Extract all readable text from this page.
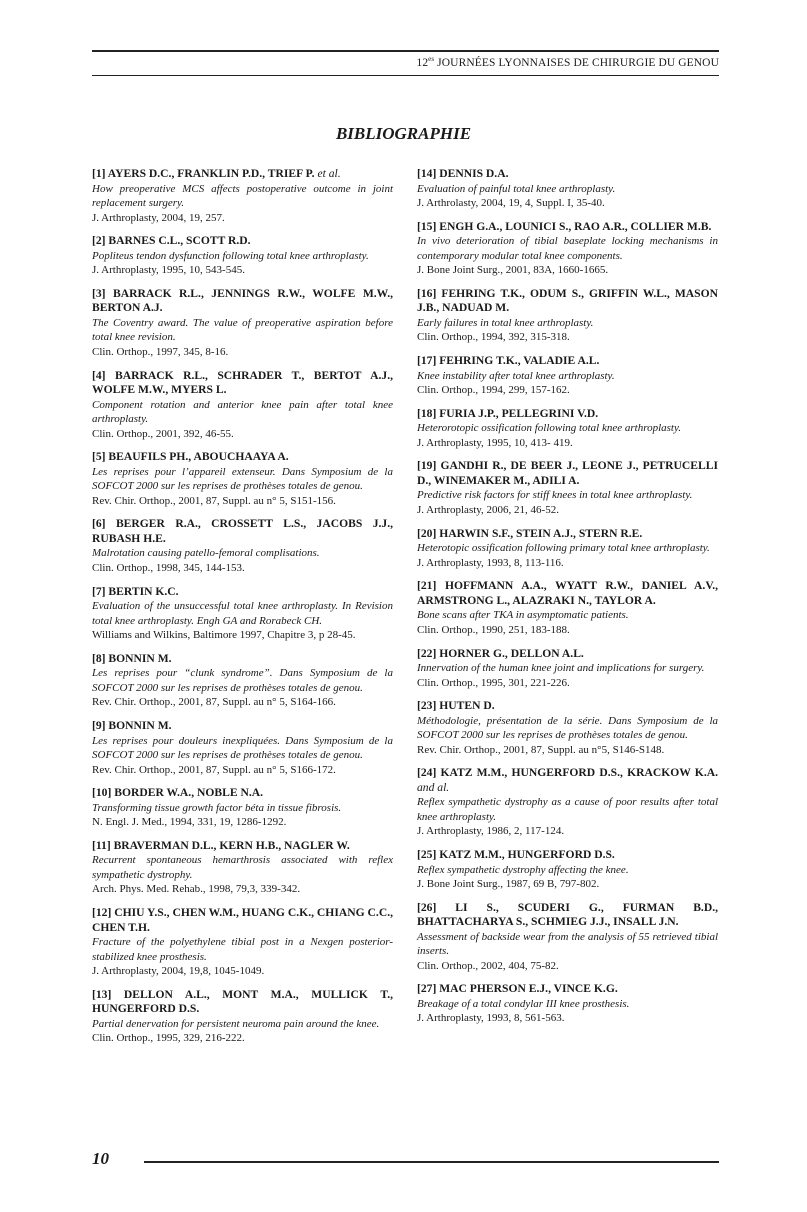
$12^{es}$ JOURNÉES LYONNAISES DE CHIRURGIE DU GENOU
BIBLIOGRAPHIE
[1] AYERS D.C., FRANKLIN P.D., TRIEF P. et al.
How preoperative MCS affects postoperative outcome in joint replacement surgery.
J. Arthroplasty, 2004, 19, 257.
[2] BARNES C.L., SCOTT R.D.
Popliteus tendon dysfunction following total knee arthroplasty.
J. Arthroplasty, 1995, 10, 543-545.
[3] BARRACK R.L., JENNINGS R.W., WOLFE M.W., BERTON A.J.
The Coventry award. The value of preoperative aspiration before total knee revision.
Clin. Orthop., 1997, 345, 8-16.
[4] BARRACK R.L., SCHRADER T., BERTOT A.J., WOLFE M.W., MYERS L.
Component rotation and anterior knee pain after total knee arthroplasty.
Clin. Orthop., 2001, 392, 46-55.
[5] BEAUFILS PH., ABOUCHAAYA A.
Les reprises pour l’appareil extenseur. Dans Symposium de la SOFCOT 2000 sur les reprises de prothèses totales de genou.
Rev. Chir. Orthop., 2001, 87, Suppl. au n° 5, S151-156.
[6] BERGER R.A., CROSSETT L.S., JACOBS J.J., RUBASH H.E.
Malrotation causing patello-femoral complisations.
Clin. Orthop., 1998, 345, 144-153.
[7] BERTIN K.C.
Evaluation of the unsuccessful total knee arthroplasty. In Revision total knee arthroplasty. Engh GA and Rorabeck CH.
Williams and Wilkins, Baltimore 1997, Chapitre 3, p 28-45.
[8] BONNIN M.
Les reprises pour “clunk syndrome”. Dans Symposium de la SOFCOT 2000 sur les reprises de prothèses totales de genou.
Rev. Chir. Orthop., 2001, 87, Suppl. au n° 5, S164-166.
[9] BONNIN M.
Les reprises pour douleurs inexpliquées. Dans Symposium de la SOFCOT 2000 sur les reprises de prothèses totales de genou.
Rev. Chir. Orthop., 2001, 87, Suppl. au n° 5, S166-172.
[10] BORDER W.A., NOBLE N.A.
Transforming tissue growth factor béta in tissue fibrosis.
N. Engl. J. Med., 1994, 331, 19, 1286-1292.
[11] BRAVERMAN D.L., KERN H.B., NAGLER W.
Recurrent spontaneous hemarthrosis associated with reflex sympathetic dystrophy.
Arch. Phys. Med. Rehab., 1998, 79,3, 339-342.
[12] CHIU Y.S., CHEN W.M., HUANG C.K., CHIANG C.C., CHEN T.H.
Fracture of the polyethylene tibial post in a Nexgen posterior-stabilized knee prosthesis.
J. Arthroplasty, 2004, 19,8, 1045-1049.
[13] DELLON A.L., MONT M.A., MULLICK T., HUNGERFORD D.S.
Partial denervation for persistent neuroma pain around the knee.
Clin. Orthop., 1995, 329, 216-222.
[14] DENNIS D.A.
Evaluation of painful total knee arthroplasty.
J. Arthrolasty, 2004, 19, 4, Suppl. I, 35-40.
[15] ENGH G.A., LOUNICI S., RAO A.R., COLLIER M.B.
In vivo deterioration of tibial baseplate locking mechanisms in contemporary modular total knee components.
J. Bone Joint Surg., 2001, 83A, 1660-1665.
[16] FEHRING T.K., ODUM S., GRIFFIN W.L., MASON J.B., NADUAD M.
Early failures in total knee arthroplasty.
Clin. Orthop., 1994, 392, 315-318.
[17] FEHRING T.K., VALADIE A.L.
Knee instability after total knee arthroplasty.
Clin. Orthop., 1994, 299, 157-162.
[18] FURIA J.P., PELLEGRINI V.D.
Heterorotopic ossification following total knee arthroplasty.
J. Arthroplasty, 1995, 10, 413- 419.
[19] GANDHI R., DE BEER J., LEONE J., PETRUCELLI D., WINEMAKER M., ADILI A.
Predictive risk factors for stiff knees in total knee arthroplasty.
J. Arthroplasty, 2006, 21, 46-52.
[20] HARWIN S.F., STEIN A.J., STERN R.E.
Heterotopic ossification following primary total knee arthroplasty.
J. Arthroplasty, 1993, 8, 113-116.
[21] HOFFMANN A.A., WYATT R.W., DANIEL A.V., ARMSTRONG L., ALAZRAKI N., TAYLOR A.
Bone scans after TKA in asymptomatic patients.
Clin. Orthop., 1990, 251, 183-188.
[22] HORNER G., DELLON A.L.
Innervation of the human knee joint and implications for surgery.
Clin. Orthop., 1995, 301, 221-226.
[23] HUTEN D.
Méthodologie, présentation de la série. Dans Symposium de la SOFCOT 2000 sur les reprises de prothèses totales de genou.
Rev. Chir. Orthop., 2001, 87, Suppl. au n°5, S146-S148.
[24] KATZ M.M., HUNGERFORD D.S., KRACKOW K.A. and al.
Reflex sympathetic dystrophy as a cause of poor results after total knee arthroplasty.
J. Arthroplasty, 1986, 2, 117-124.
[25] KATZ M.M., HUNGERFORD D.S.
Reflex sympathetic dystrophy affecting the knee.
J. Bone Joint Surg., 1987, 69 B, 797-802.
[26] LI S., SCUDERI G., FURMAN B.D., BHATTACHARYA S., SCHMIEG J.J., INSALL J.N.
Assessment of backside wear from the analysis of 55 retrieved tibial inserts.
Clin. Orthop., 2002, 404, 75-82.
[27] MAC PHERSON E.J., VINCE K.G.
Breakage of a total condylar III knee prosthesis.
J. Arthroplasty, 1993, 8, 561-563.
10
